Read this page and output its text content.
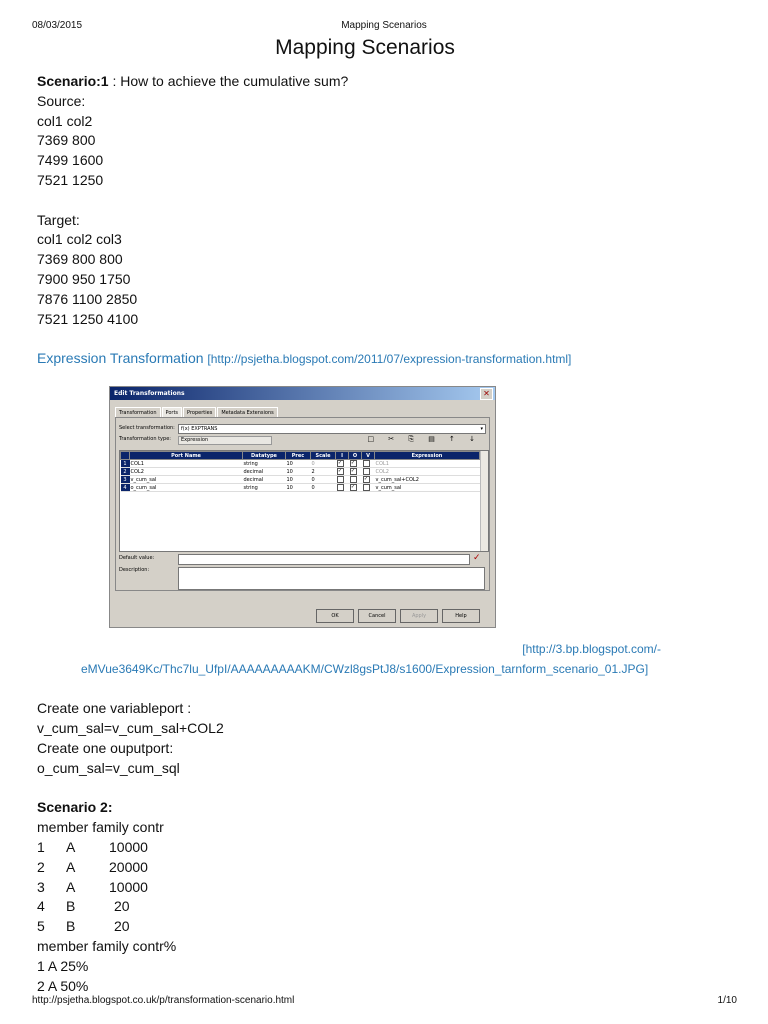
08/03/2015	Mapping Scenarios
Mapping Scenarios

Scenario:1 : How to achieve the cumulative sum?

Source:

col1 col2

7369 800

7499 1600

7521 1250

Target:

col1 col2 col3

7369 800 800

7900 950 1750

7876 1100 2850

7521 1250 4100

Expression Transformation [http://psjetha.blogspot.com/2011/07/expression-transformation.html]

[http://3.bp.blogspot.com/-

eMVue3649Kc/Thc7lu_UfpI/AAAAAAAAAKM/CWzl8gsPtJ8/s1600/Expression_tarnform_scenario_01.JPG]

Create one variableport :

v_cum_sal=v_cum_sal+COL2

Create one ouputport:

o_cum_sal=v_cum_sql

Scenario 2:

member family contr

1 A 10000

2 A 20000

3 A 10000

4 B	20

5 B	20

member family contr%

1 A 25%

2 A 50%

Edit Transformations	✕
Transformation	Ports	Properties	Metadata Extensions
Select transformation:	f(x) EXPTRANS	▾
Transformation type:	Expression	□ ✂ ⎘ ▤ ↑ ↓
	Port Name	Datatype	Prec	Scale	I	O	V	Expression
1	COL1	string	10	0	✓	✓		COL1
2	COL2	decimal	10	2	✓	✓		COL2
3	v_cum_sal	decimal	10	0			✓	v_cum_sal+COL2
4	o_cum_sal	string	10	0		✓		v_cum_sal
Default value:	✓
Description:
OK	Cancel	Apply	Help
http://psjetha.blogspot.co.uk/p/transformation-scenario.html	1/10
